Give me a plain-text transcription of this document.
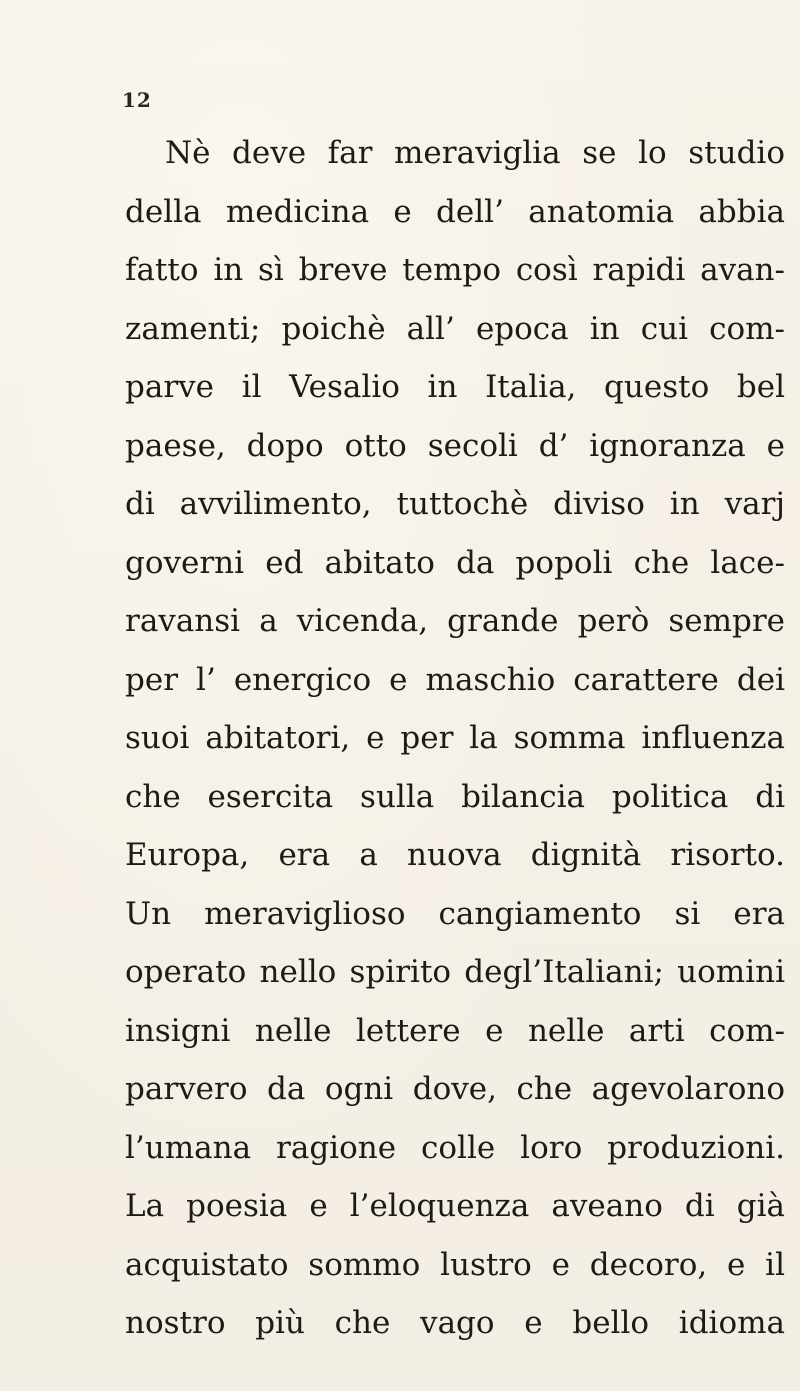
12
Nè deve far meraviglia se lo studio
della medicina e dell’ anatomia abbia
fatto in sì breve tempo così rapidi avan-
zamenti; poichè all’ epoca in cui com-
parve il Vesalio in Italia, questo bel
paese, dopo otto secoli d’ ignoranza e
di avvilimento, tuttochè diviso in varj
governi ed abitato da popoli che lace-
ravansi a vicenda, grande però sempre
per l’ energico e maschio carattere dei
suoi abitatori, e per la somma influenza
che esercita sulla bilancia politica di
Europa, era a nuova dignità risorto.
Un meraviglioso cangiamento si era
operato nello spirito degl’Italiani; uomini
insigni nelle lettere e nelle arti com-
parvero da ogni dove, che agevolarono
l’umana ragione colle loro produzioni.
La poesia e l’eloquenza aveano di già
acquistato sommo lustro e decoro, e il
nostro più che vago e bello idioma
